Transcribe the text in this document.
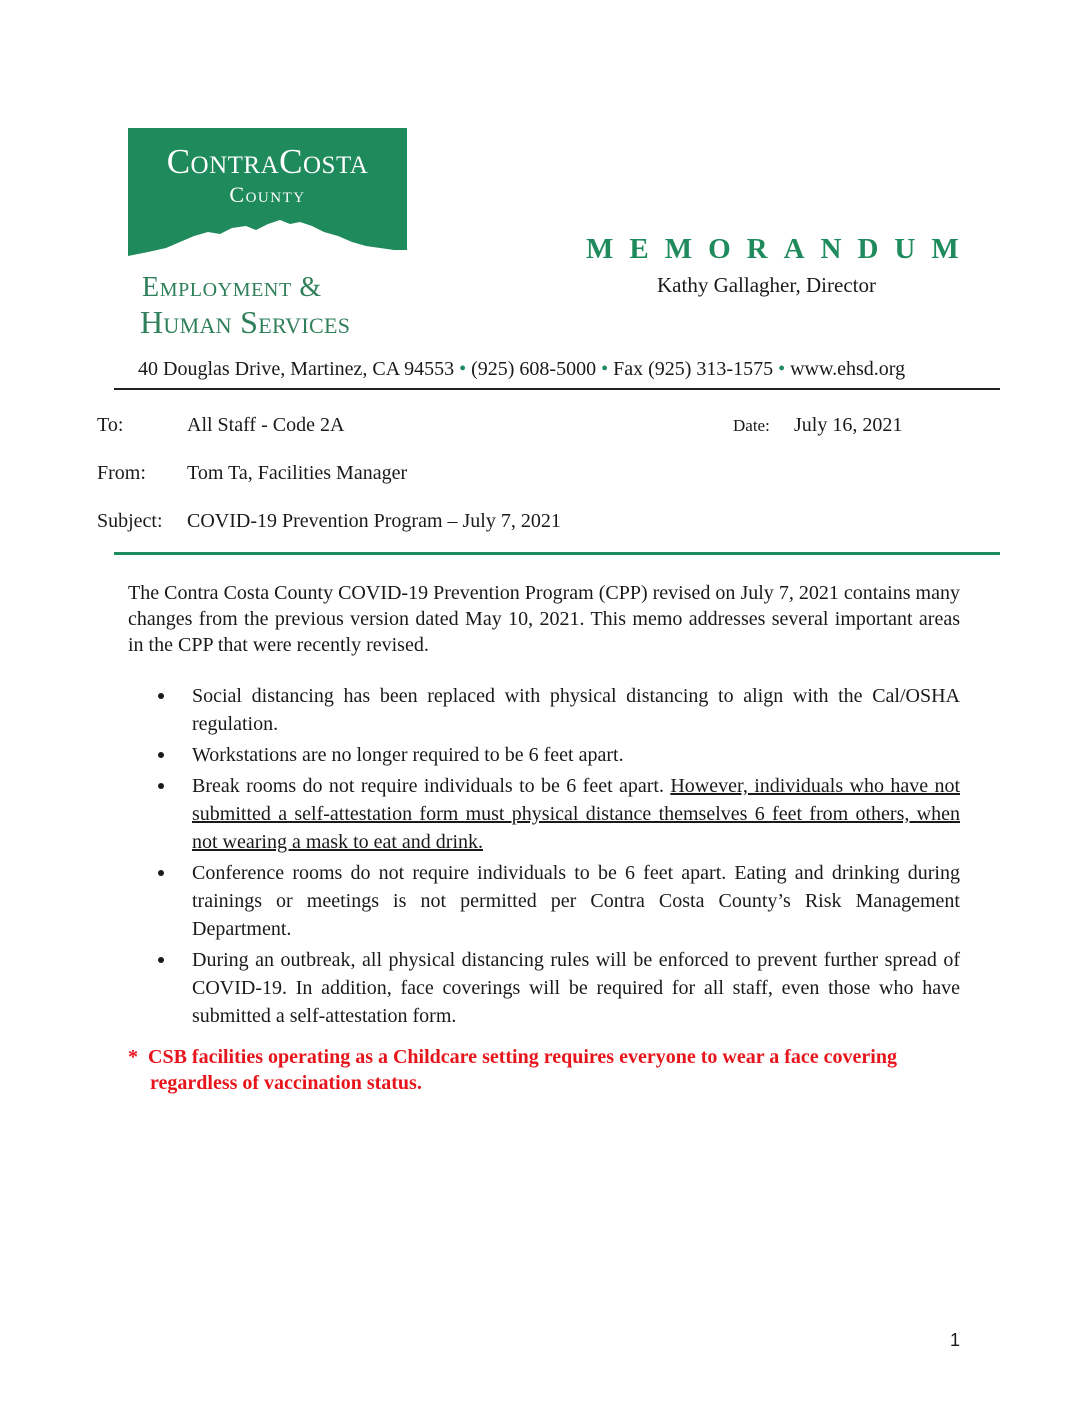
ContraCosta
County
Employment &
Human Services
MEMORANDUM
Kathy Gallagher, Director
40 Douglas Drive, Martinez, CA 94553 • (925) 608-5000 • Fax (925) 313-1575 • www.ehsd.org
To:	All Staff - Code 2A	Date: July 16, 2021
From: Tom Ta, Facilities Manager
Subject: COVID-19 Prevention Program – July 7, 2021
The Contra Costa County COVID-19 Prevention Program (CPP) revised on July 7, 2021 contains many changes from the previous version dated May 10, 2021. This memo addresses several important areas in the CPP that were recently revised.
Social distancing has been replaced with physical distancing to align with the Cal/OSHA regulation.
Workstations are no longer required to be 6 feet apart.
Break rooms do not require individuals to be 6 feet apart. However, individuals who have not submitted a self-attestation form must physical distance themselves 6 feet from others, when not wearing a mask to eat and drink.
Conference rooms do not require individuals to be 6 feet apart. Eating and drinking during trainings or meetings is not permitted per Contra Costa County’s Risk Management Department.
During an outbreak, all physical distancing rules will be enforced to prevent further spread of COVID-19. In addition, face coverings will be required for all staff, even those who have submitted a self-attestation form.
* CSB facilities operating as a Childcare setting requires everyone to wear a face covering
regardless of vaccination status.
1
